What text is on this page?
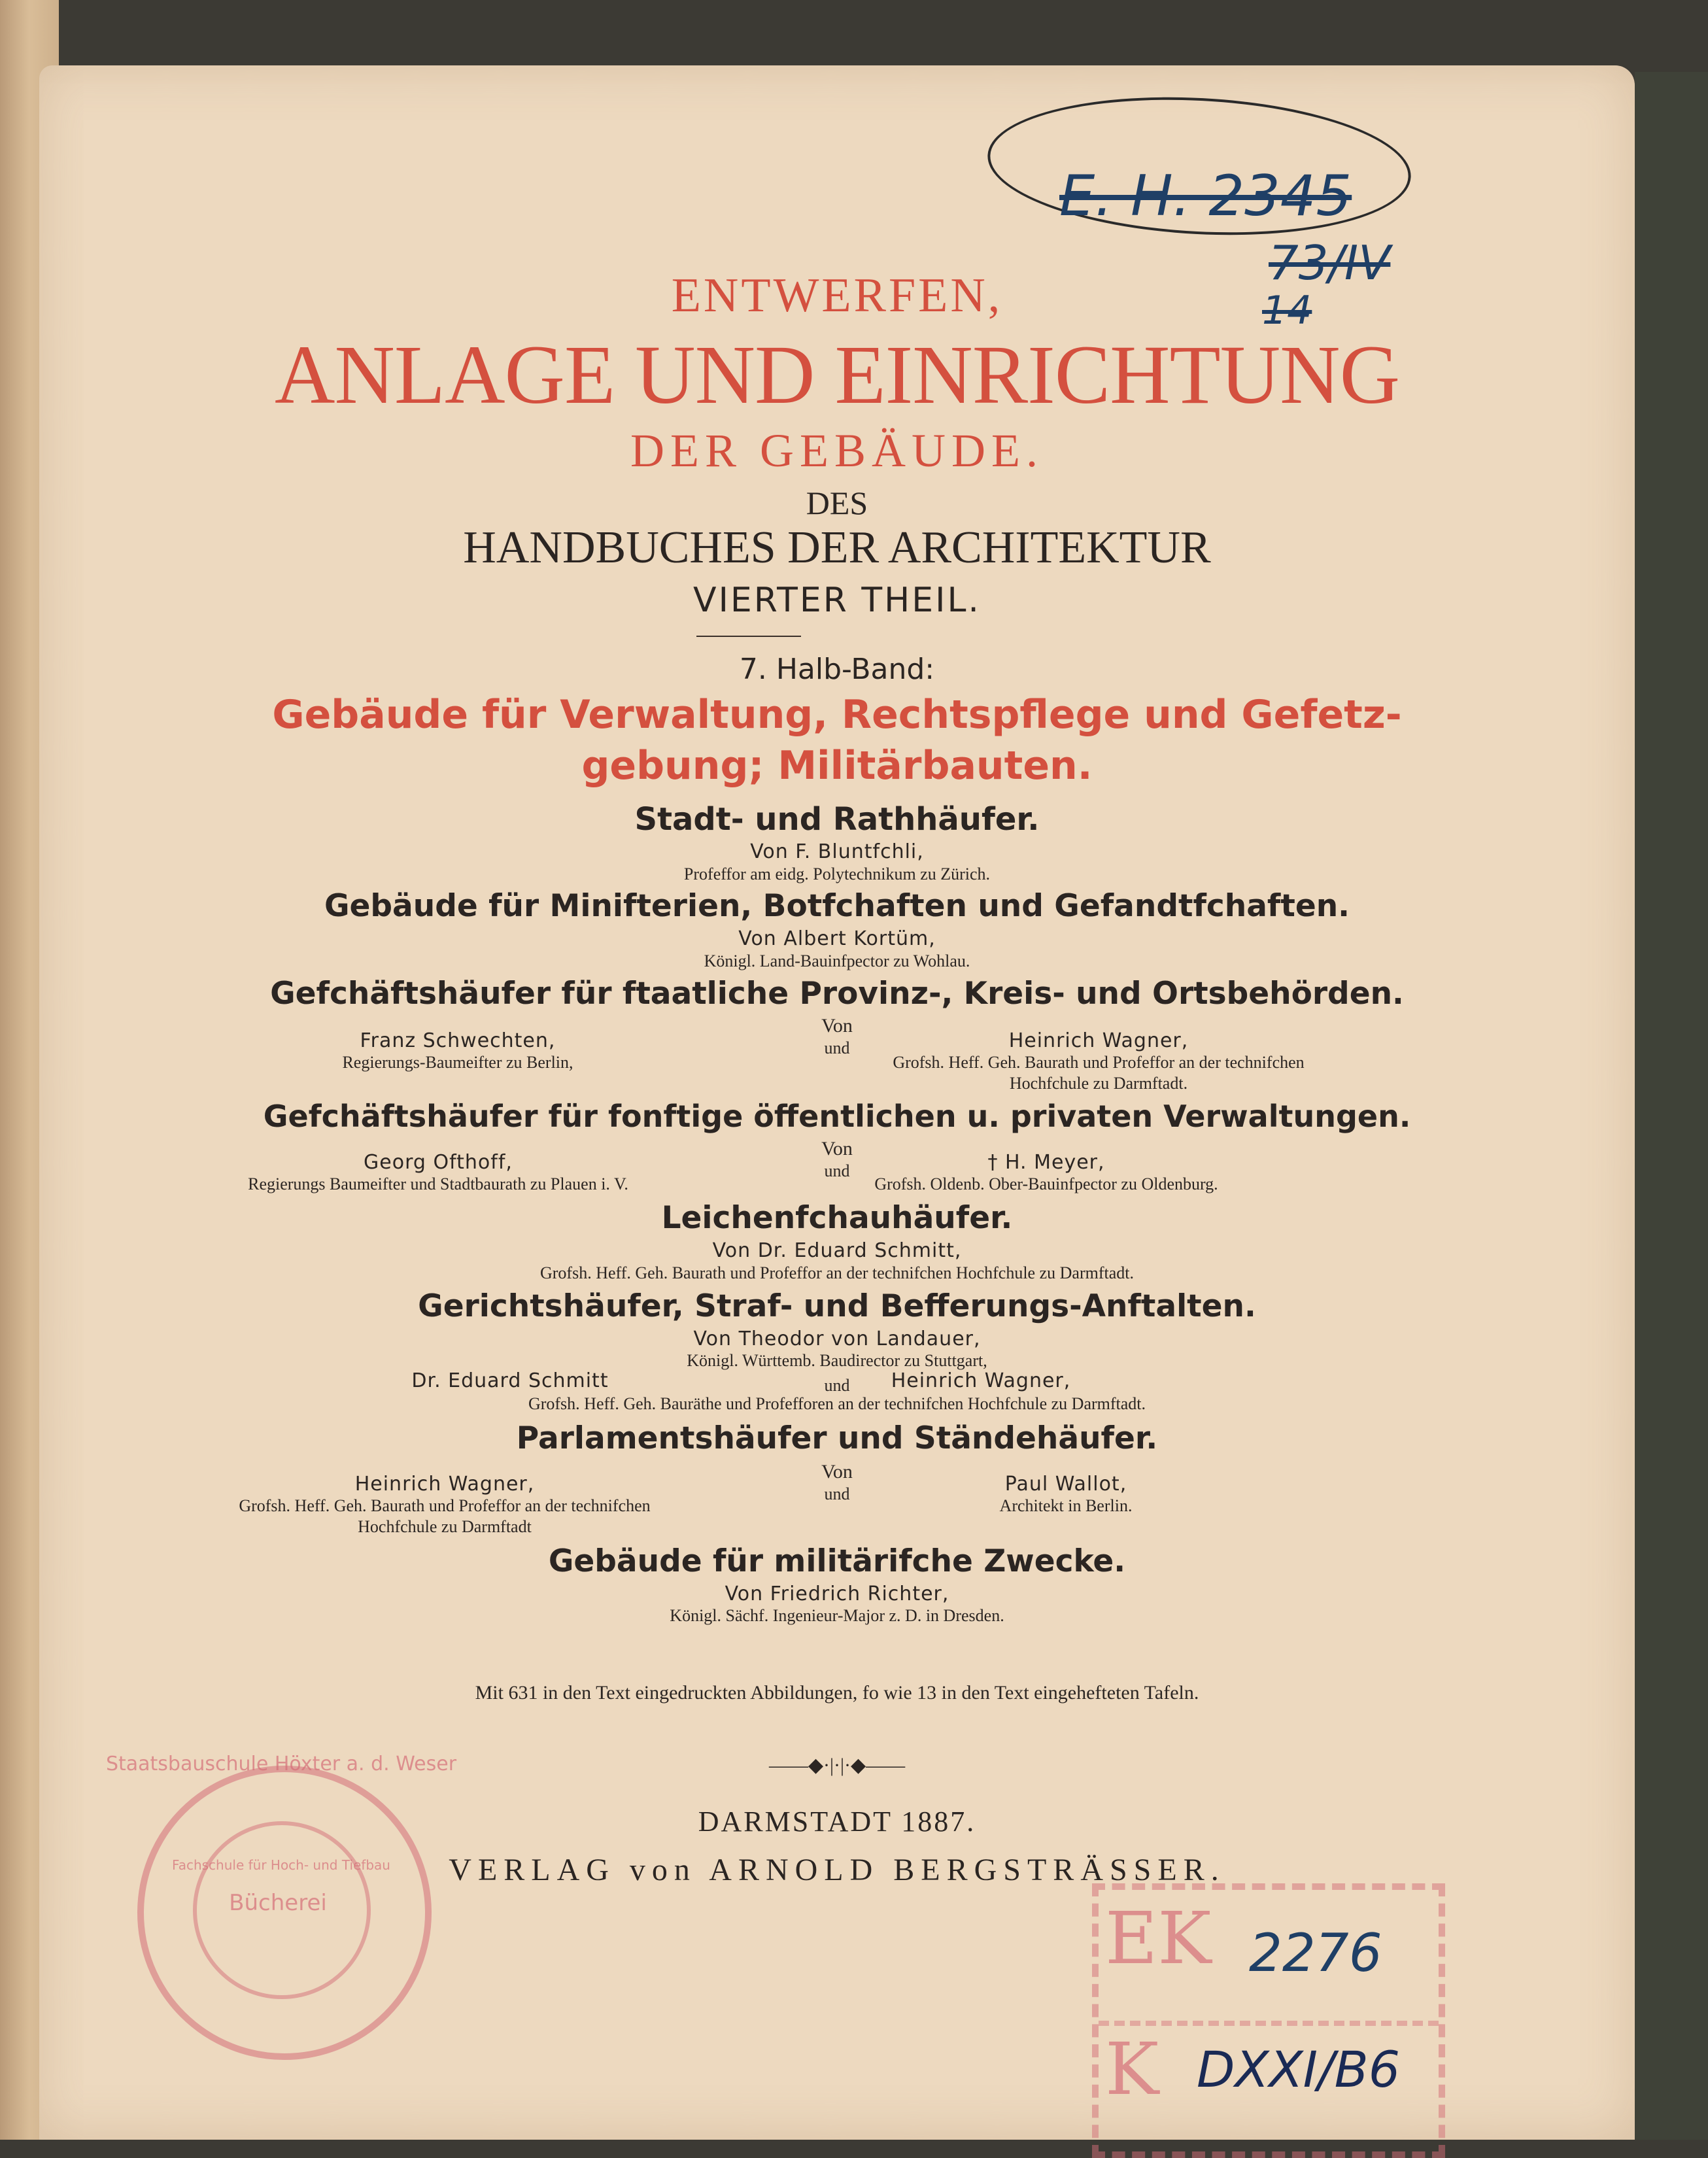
E. H. 2345
73/IV
14

ENTWERFEN,

ANLAGE UND EINRICHTUNG

DER GEBÄUDE.

DES

HANDBUCHES DER ARCHITEKTUR

VIERTER THEIL.

7. Halb-Band:

Gebäude für Verwaltung, Rechtspflege und Gefetz-

gebung; Militärbauten.

Stadt- und Rathhäufer.

Von F. Bluntfchli,

Profeffor am eidg. Polytechnikum zu Zürich.

Gebäude für Minifterien, Botfchaften und Gefandtfchaften.

Von Albert Kortüm,

Königl. Land-Bauinfpector zu Wohlau.

Gefchäftshäufer für ftaatliche Provinz-, Kreis- und Ortsbehörden.

Von

und

Franz Schwechten,
Regierungs-Baumeifter zu Berlin,
Heinrich Wagner,
Grofsh. Heff. Geh. Baurath und Profeffor an der technifchen
Hochfchule zu Darmftadt.

Gefchäftshäufer für fonftige öffentlichen u. privaten Verwaltungen.

Von

und

Georg Ofthoff,
Regierungs Baumeifter und Stadtbaurath zu Plauen i. V.
† H. Meyer,
Grofsh. Oldenb. Ober-Bauinfpector zu Oldenburg.

Leichenfchauhäufer.

Von Dr. Eduard Schmitt,

Grofsh. Heff. Geh. Baurath und Profeffor an der technifchen Hochfchule zu Darmftadt.

Gerichtshäufer, Straf- und Befferungs-Anftalten.

Von Theodor von Landauer,

Königl. Württemb. Baudirector zu Stuttgart,

Dr. Eduard Schmitt	und	Heinrich Wagner,

Grofsh. Heff. Geh. Bauräthe und Profefforen an der technifchen Hochfchule zu Darmftadt.

Parlamentshäufer und Ständehäufer.

Von

und

Heinrich Wagner,
Grofsh. Heff. Geh. Baurath und Profeffor an der technifchen
Hochfchule zu Darmftadt
Paul Wallot,
Architekt in Berlin.

Gebäude für militärifche Zwecke.

Von Friedrich Richter,

Königl. Sächf. Ingenieur-Major z. D. in Dresden.

Mit 631 in den Text eingedruckten Abbildungen, fo wie 13 in den Text eingehefteten Tafeln.

——◆·|·|·◆——

DARMSTADT 1887.

VERLAG von ARNOLD BERGSTRÄSSER.

Staatsbauschule Höxter a. d. Weser
Fachschule für Hoch- und Tiefbau
Bücherei	EK
K
2276
DXXI/B6
